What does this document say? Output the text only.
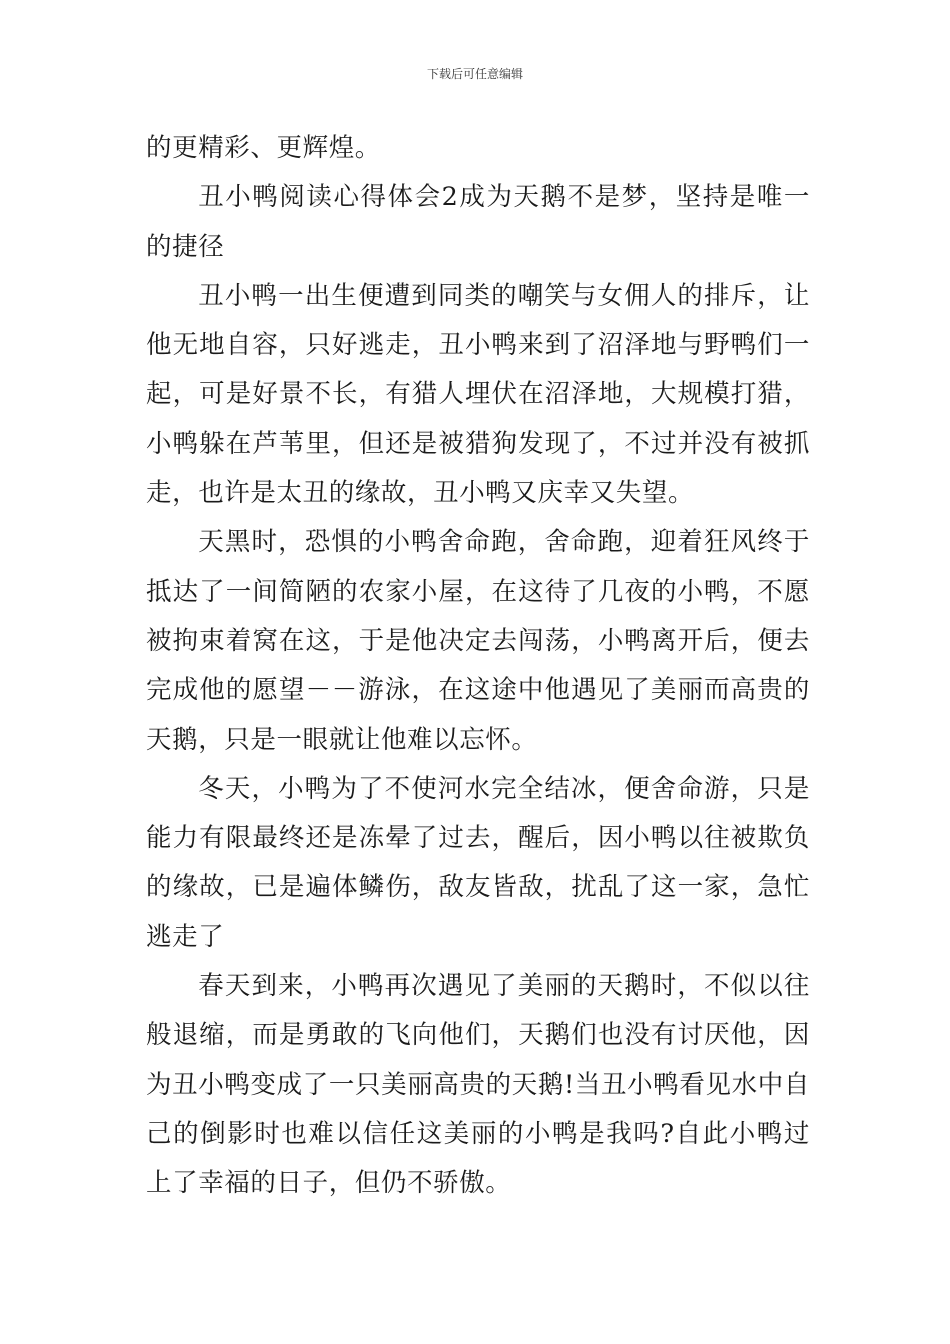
下载后可任意编辑

的更精彩、更辉煌。

丑小鸭阅读心得体会2成为天鹅不是梦，坚持是唯一的捷径

丑小鸭一出生便遭到同类的嘲笑与女佣人的排斥，让他无地自容，只好逃走，丑小鸭来到了沼泽地与野鸭们一起，可是好景不长，有猎人埋伏在沼泽地，大规模打猎，小鸭躲在芦苇里，但还是被猎狗发现了，不过并没有被抓走，也许是太丑的缘故，丑小鸭又庆幸又失望。

天黑时，恐惧的小鸭舍命跑，舍命跑，迎着狂风终于抵达了一间简陋的农家小屋，在这待了几夜的小鸭，不愿被拘束着窝在这，于是他决定去闯荡，小鸭离开后，便去完成他的愿望－－游泳，在这途中他遇见了美丽而高贵的天鹅，只是一眼就让他难以忘怀。

冬天，小鸭为了不使河水完全结冰，便舍命游，只是能力有限最终还是冻晕了过去，醒后，因小鸭以往被欺负的缘故，已是遍体鳞伤，敌友皆敌，扰乱了这一家，急忙逃走了

春天到来，小鸭再次遇见了美丽的天鹅时，不似以往般退缩，而是勇敢的飞向他们，天鹅们也没有讨厌他，因为丑小鸭变成了一只美丽高贵的天鹅!当丑小鸭看见水中自己的倒影时也难以信任这美丽的小鸭是我吗?自此小鸭过上了幸福的日子，但仍不骄傲。
